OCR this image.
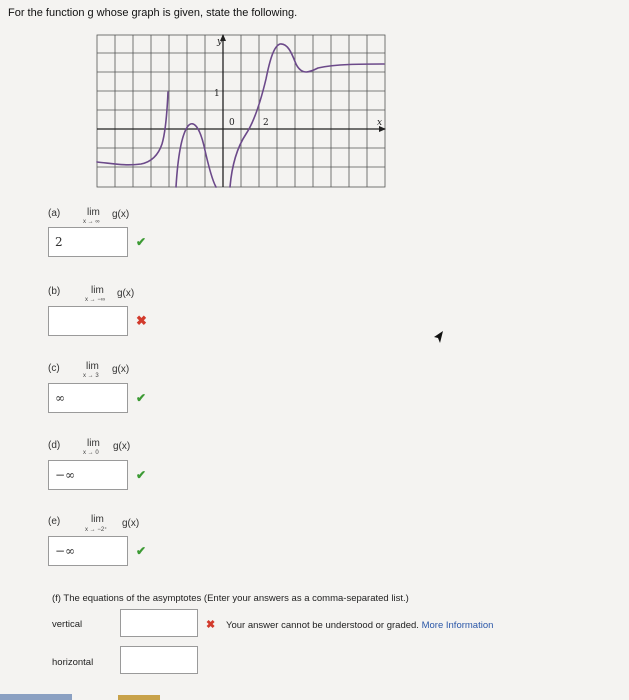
For the function g whose graph is given, state the following.
y
x
1
0	2
(a)	lim
x → ∞
g(x)
2	✔
(b)	lim
x → −∞
g(x)
✖
(c)	lim
x → 3
g(x)
∞	✔
(d)	lim
x → 0
g(x)
−∞	✔
(e)	lim
x → −2⁺
g(x)
−∞	✔
(f) The equations of the asymptotes (Enter your answers as a comma-separated list.)
vertical	✖ Your answer cannot be understood or graded. More Information
horizontal
